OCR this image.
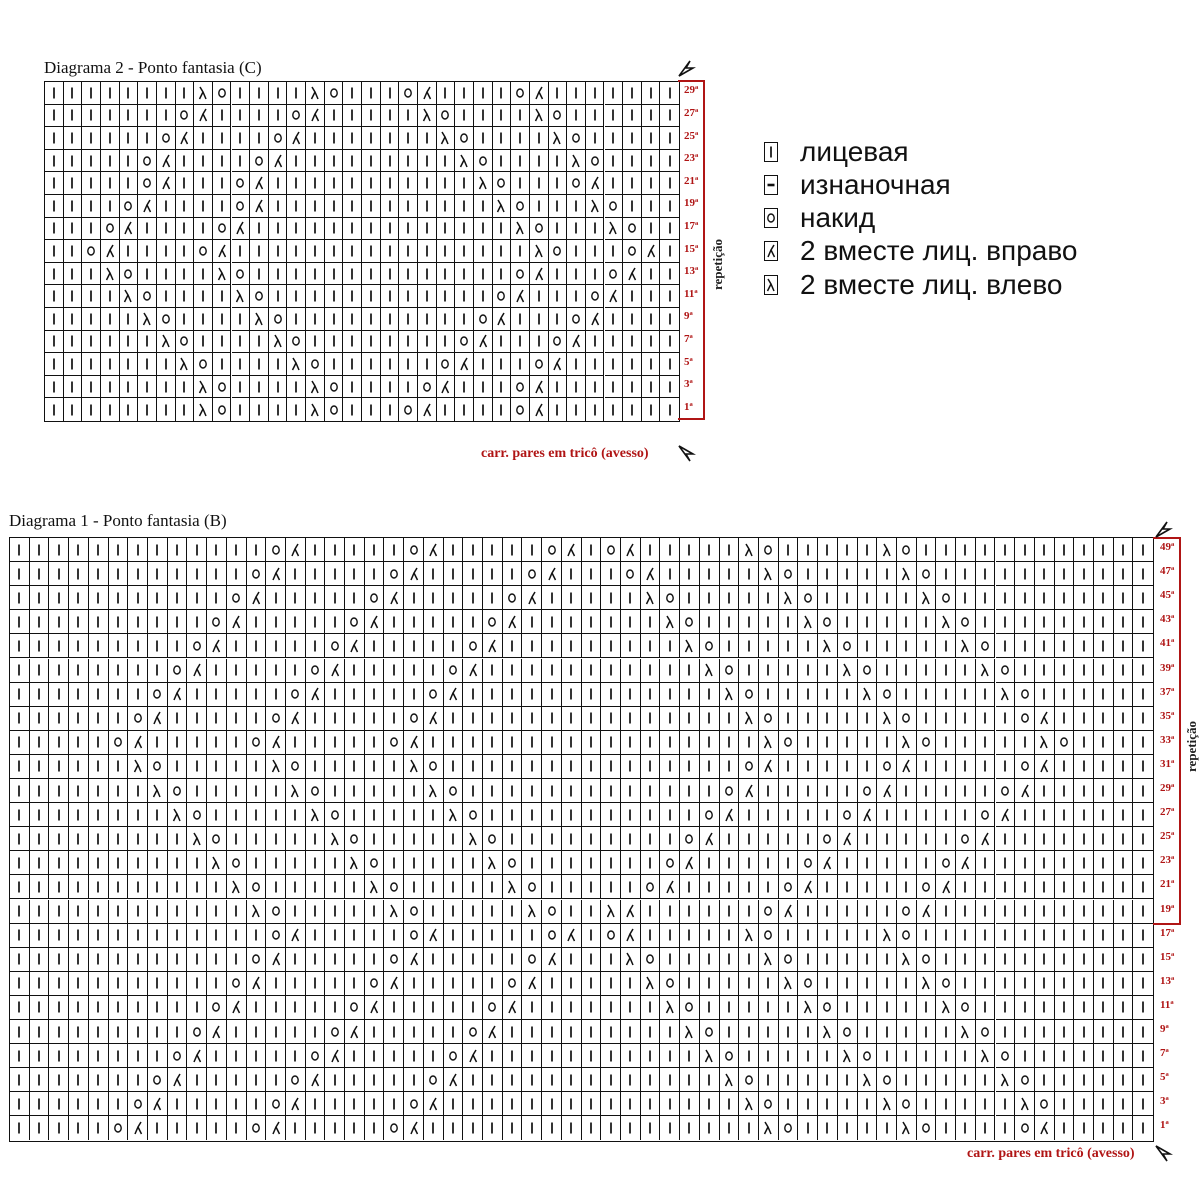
Diagrama 2 - Ponto fantasia (C)
29ª
27ª
25ª
23ª
21ª
19ª
17ª
15ª
13ª
11ª
9ª
7ª
5ª
3ª
1ª
repetição
carr. pares em tricô (avesso)
лицевая
изнаночная
накид
2 вместе лиц. вправо
2 вместе лиц. влево
Diagrama 1 - Ponto fantasia (B)
49ª
47ª
45ª
43ª
41ª
39ª
37ª
35ª
33ª
31ª
29ª
27ª
25ª
23ª
21ª
19ª
17ª
15ª
13ª
11ª
9ª
7ª
5ª
3ª
1ª
repetição
carr. pares em tricô (avesso)
